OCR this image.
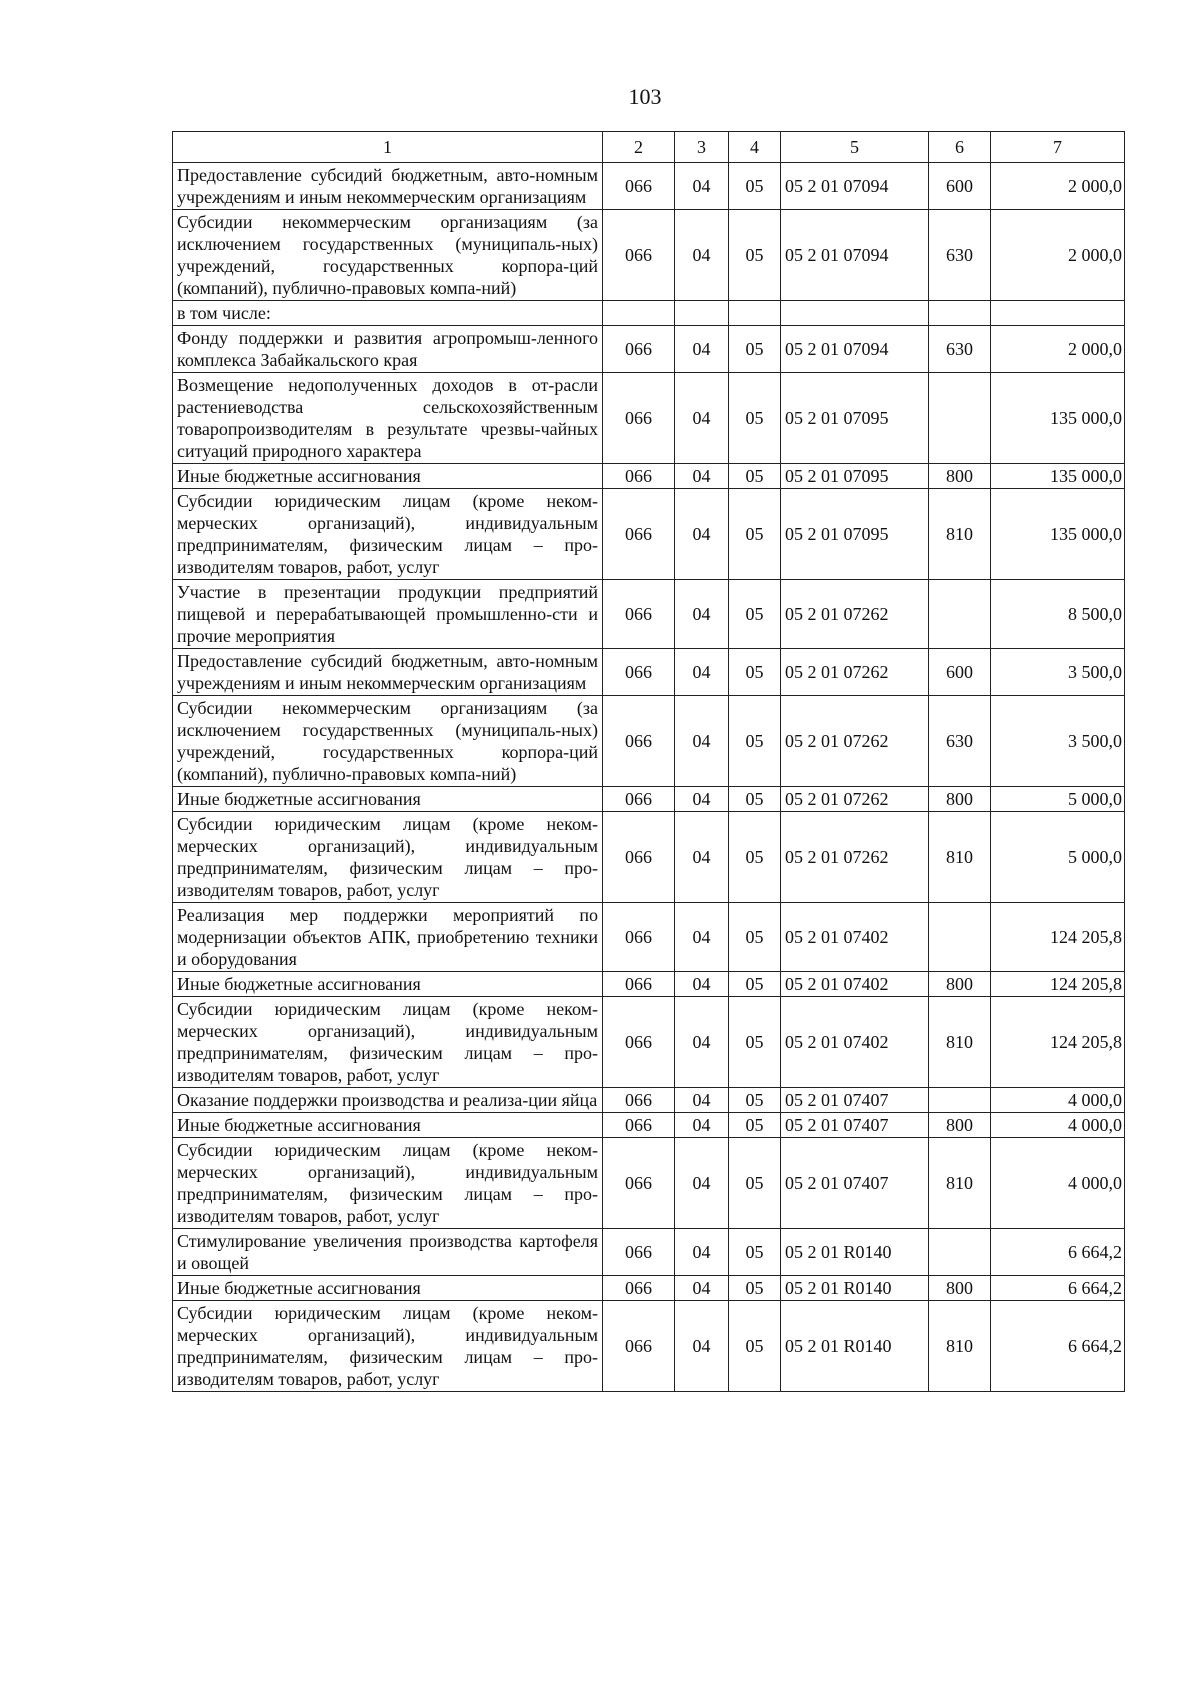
103
1	2	3	4	5	6	7
Предоставление субсидий бюджетным, авто-номным учреждениям и иным некоммерческим организациям	066	04	05	05 2 01 07094	600	2 000,0
Субсидии некоммерческим организациям (за исключением государственных (муниципаль-ных) учреждений, государственных корпора-ций (компаний), публично-правовых компа-ний)	066	04	05	05 2 01 07094	630	2 000,0
в том числе:						
Фонду поддержки и развития агропромыш-ленного комплекса Забайкальского края	066	04	05	05 2 01 07094	630	2 000,0
Возмещение недополученных доходов в от-расли растениеводства сельскохозяйственным товаропроизводителям в результате чрезвы-чайных ситуаций природного характера	066	04	05	05 2 01 07095		135 000,0
Иные бюджетные ассигнования	066	04	05	05 2 01 07095	800	135 000,0
Субсидии юридическим лицам (кроме неком-мерческих организаций), индивидуальным предпринимателям, физическим лицам – про-изводителям товаров, работ, услуг	066	04	05	05 2 01 07095	810	135 000,0
Участие в презентации продукции предприятий пищевой и перерабатывающей промышленно-сти и прочие мероприятия	066	04	05	05 2 01 07262		8 500,0
Предоставление субсидий бюджетным, авто-номным учреждениям и иным некоммерческим организациям	066	04	05	05 2 01 07262	600	3 500,0
Субсидии некоммерческим организациям (за исключением государственных (муниципаль-ных) учреждений, государственных корпора-ций (компаний), публично-правовых компа-ний)	066	04	05	05 2 01 07262	630	3 500,0
Иные бюджетные ассигнования	066	04	05	05 2 01 07262	800	5 000,0
Субсидии юридическим лицам (кроме неком-мерческих организаций), индивидуальным предпринимателям, физическим лицам – про-изводителям товаров, работ, услуг	066	04	05	05 2 01 07262	810	5 000,0
Реализация мер поддержки мероприятий по модернизации объектов АПК, приобретению техники и оборудования	066	04	05	05 2 01 07402		124 205,8
Иные бюджетные ассигнования	066	04	05	05 2 01 07402	800	124 205,8
Субсидии юридическим лицам (кроме неком-мерческих организаций), индивидуальным предпринимателям, физическим лицам – про-изводителям товаров, работ, услуг	066	04	05	05 2 01 07402	810	124 205,8
Оказание поддержки производства и реализа-ции яйца	066	04	05	05 2 01 07407		4 000,0
Иные бюджетные ассигнования	066	04	05	05 2 01 07407	800	4 000,0
Субсидии юридическим лицам (кроме неком-мерческих организаций), индивидуальным предпринимателям, физическим лицам – про-изводителям товаров, работ, услуг	066	04	05	05 2 01 07407	810	4 000,0
Стимулирование увеличения производства картофеля и овощей	066	04	05	05 2 01 R0140		6 664,2
Иные бюджетные ассигнования	066	04	05	05 2 01 R0140	800	6 664,2
Субсидии юридическим лицам (кроме неком-мерческих организаций), индивидуальным предпринимателям, физическим лицам – про-изводителям товаров, работ, услуг	066	04	05	05 2 01 R0140	810	6 664,2
